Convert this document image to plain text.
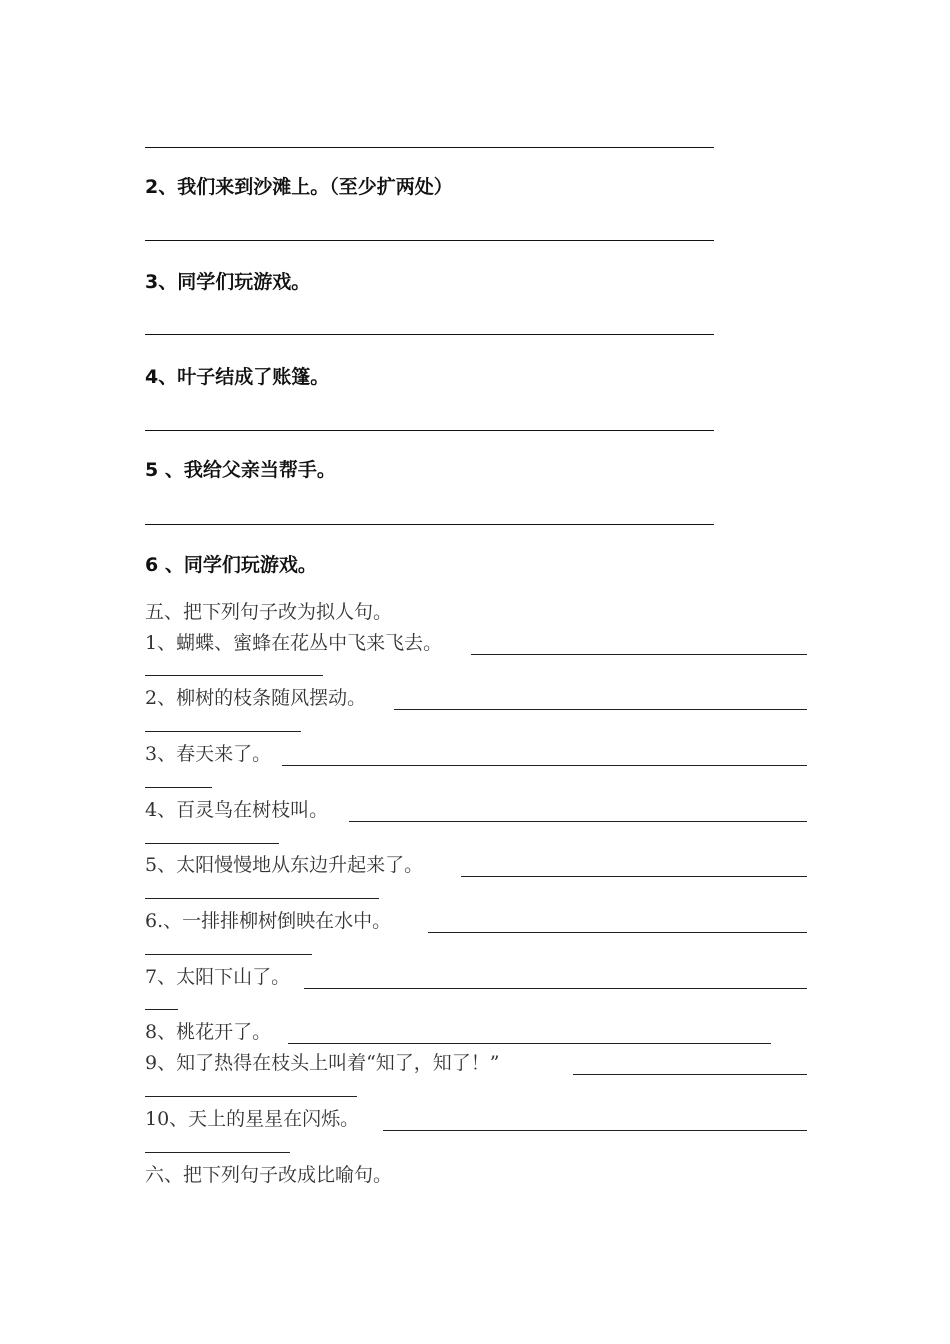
2、我们来到沙滩上。（至少扩两处）
3、同学们玩游戏。
4、叶子结成了账篷。
5 、我给父亲当帮手。
6 、同学们玩游戏。
五、把下列句子改为拟人句。
1、蝴蝶、蜜蜂在花丛中飞来飞去。
2、柳树的枝条随风摆动。
3、春天来了。
4、百灵鸟在树枝叫。
5、太阳慢慢地从东边升起来了。
6.、一排排柳树倒映在水中。
7、太阳下山了。
8、桃花开了。
9、知了热得在枝头上叫着“知了，知了！”
10、天上的星星在闪烁。
六、把下列句子改成比喻句。
